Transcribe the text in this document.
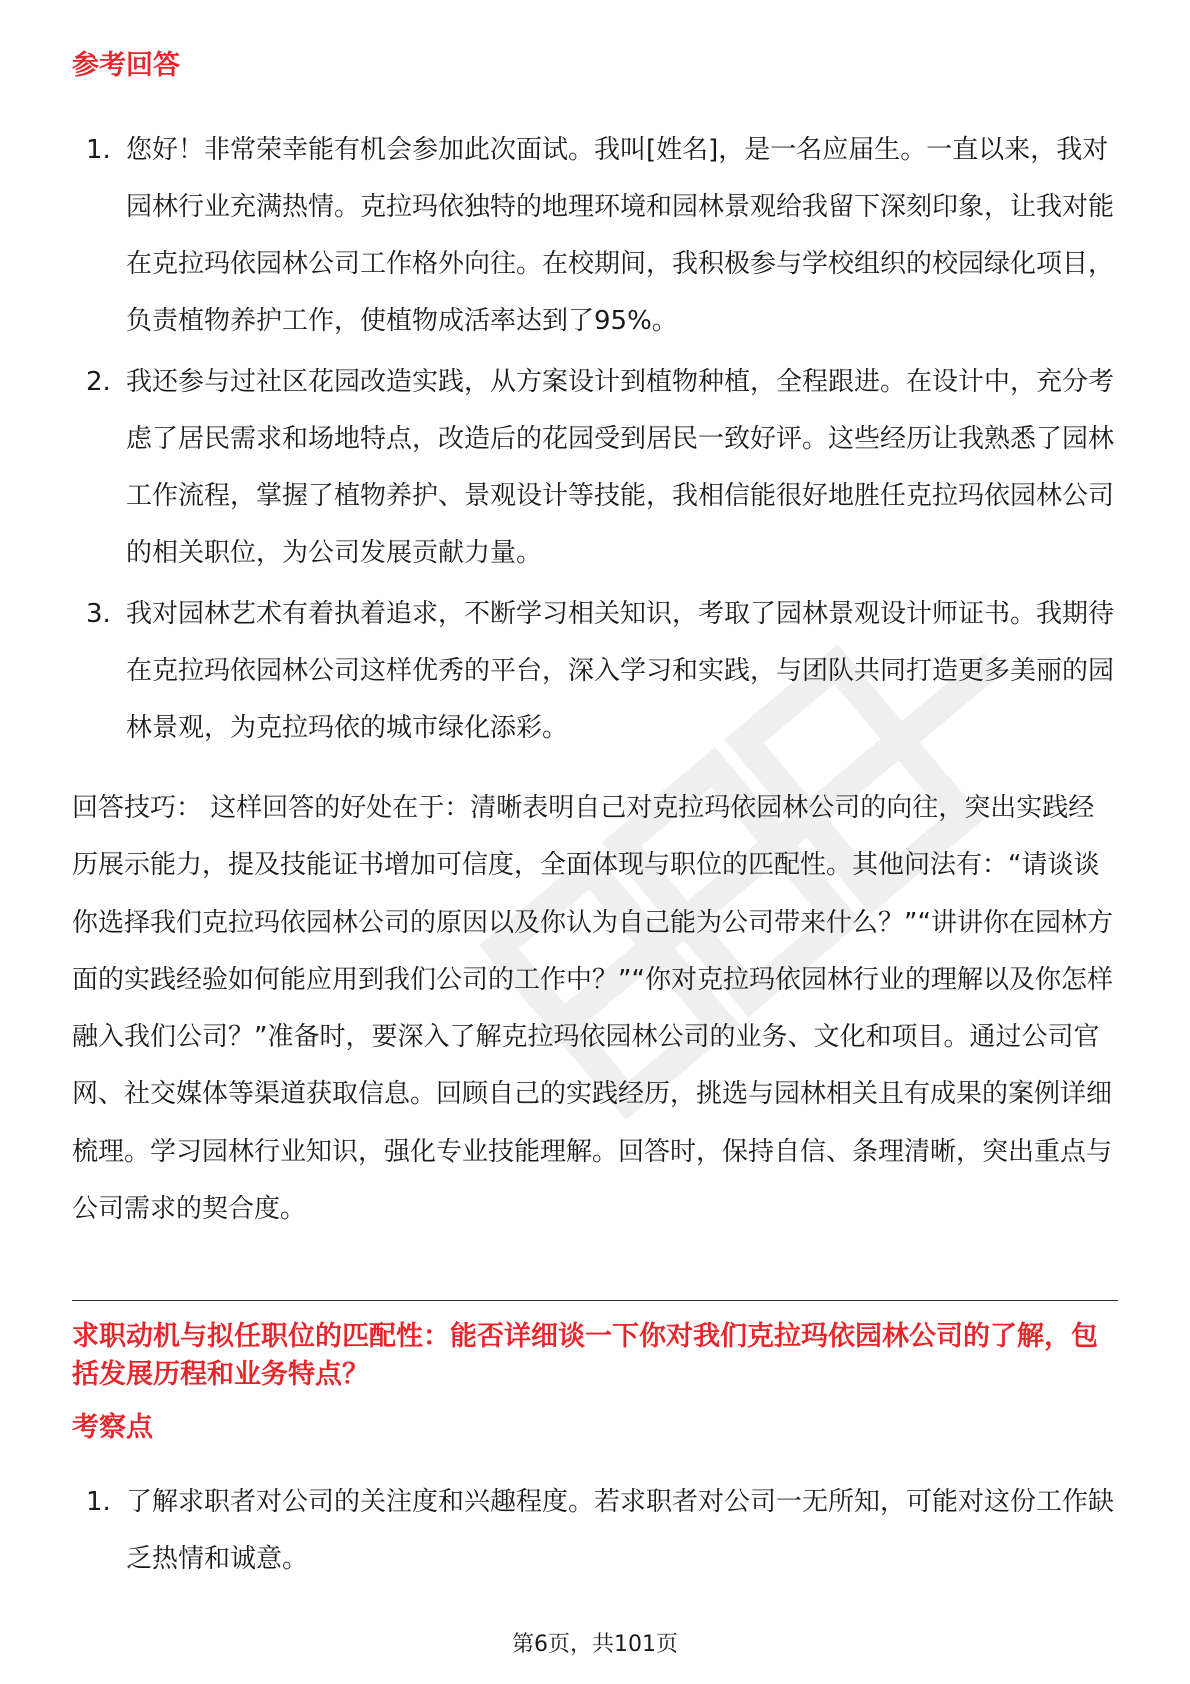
参考回答
1. 您好！非常荣幸能有机会参加此次面试。我叫[姓名]，是一名应届生。一直以来，我对园林行业充满热情。克拉玛依独特的地理环境和园林景观给我留下深刻印象，让我对能在克拉玛依园林公司工作格外向往。在校期间，我积极参与学校组织的校园绿化项目，负责植物养护工作，使植物成活率达到了95%。
2. 我还参与过社区花园改造实践，从方案设计到植物种植，全程跟进。在设计中，充分考虑了居民需求和场地特点，改造后的花园受到居民一致好评。这些经历让我熟悉了园林工作流程，掌握了植物养护、景观设计等技能，我相信能很好地胜任克拉玛依园林公司的相关职位，为公司发展贡献力量。
3. 我对园林艺术有着执着追求，不断学习相关知识，考取了园林景观设计师证书。我期待在克拉玛依园林公司这样优秀的平台，深入学习和实践，与团队共同打造更多美丽的园林景观，为克拉玛依的城市绿化添彩。

回答技巧： 这样回答的好处在于：清晰表明自己对克拉玛依园林公司的向往，突出实践经历展示能力，提及技能证书增加可信度，全面体现与职位的匹配性。其他问法有：“请谈谈你选择我们克拉玛依园林公司的原因以及你认为自己能为公司带来什么？”“讲讲你在园林方面的实践经验如何能应用到我们公司的工作中？”“你对克拉玛依园林行业的理解以及你怎样融入我们公司？”准备时，要深入了解克拉玛依园林公司的业务、文化和项目。通过公司官网、社交媒体等渠道获取信息。回顾自己的实践经历，挑选与园林相关且有成果的案例详细梳理。学习园林行业知识，强化专业技能理解。回答时，保持自信、条理清晰，突出重点与公司需求的契合度。

求职动机与拟任职位的匹配性：能否详细谈一下你对我们克拉玛依园林公司的了解，包括发展历程和业务特点？
考察点
1. 了解求职者对公司的关注度和兴趣程度。若求职者对公司一无所知，可能对这份工作缺乏热情和诚意。
第6页，共101页
